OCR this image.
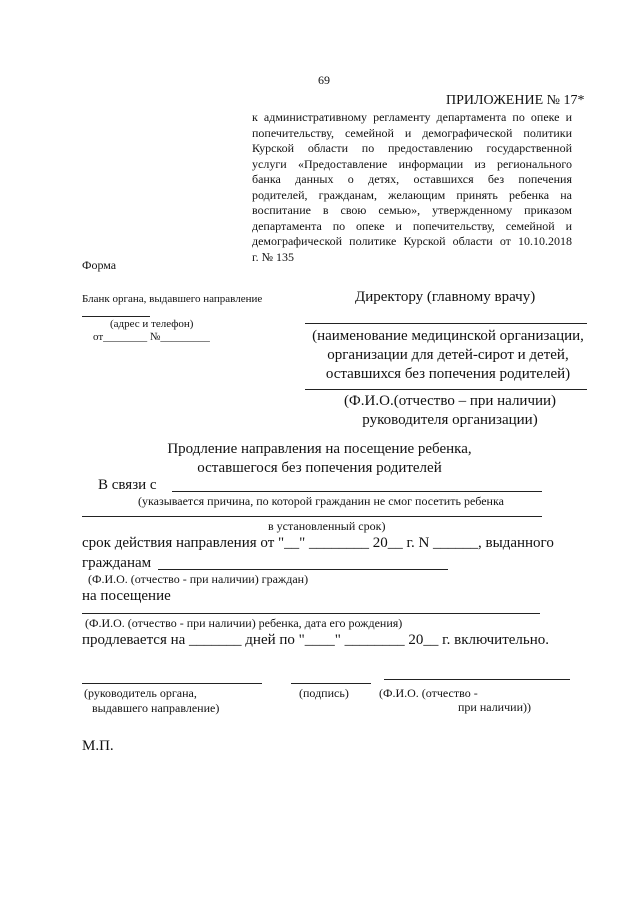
69
ПРИЛОЖЕНИЕ № 17*
к административному регламенту департамента по опеке и
попечительству, семейной и демографической политики
Курской области по предоставлению государственной
услуги «Предоставление информации из регионального
банка данных о детях, оставшихся без попечения
родителей, гражданам, желающим принять ребенка на
воспитание в свою семью», утвержденному приказом
департамента по опеке и попечительству, семейной и
демографической политике Курской области от 10.10.2018
г. № 135
Форма
Бланк органа, выдавшего направление
(адрес и телефон)
от________ №_________
Директору (главному врачу)
(наименование медицинской организации,
организации для детей-сирот и детей,
оставшихся без попечения родителей)
(Ф.И.О.(отчество – при наличии)
руководителя организации)
Продление направления на посещение ребенка,
оставшегося без попечения родителей
В связи с
(указывается причина, по которой гражданин не смог посетить ребенка
в установленный срок)
срок действия направления от "__" ________ 20__ г. N ______, выданного
гражданам
(Ф.И.О. (отчество - при наличии) граждан)
на посещение
(Ф.И.О. (отчество - при наличии) ребенка, дата его рождения)
продлевается на _______ дней по "____" ________ 20__ г. включительно.
(руководитель органа,
выдавшего направление)
(подпись)	(Ф.И.О. (отчество -
при наличии))
М.П.
